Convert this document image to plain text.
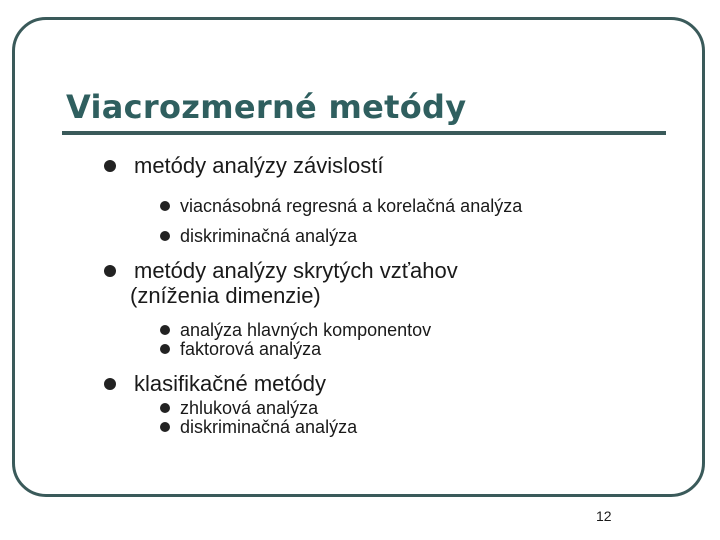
Viacrozmerné metódy
metódy analýzy závislostí
viacnásobná regresná a korelačná analýza
diskriminačná analýza
metódy analýzy skrytých vzťahov
(zníženia dimenzie)
analýza hlavných komponentov
faktorová analýza
klasifikačné metódy
zhluková analýza
diskriminačná analýza
12
